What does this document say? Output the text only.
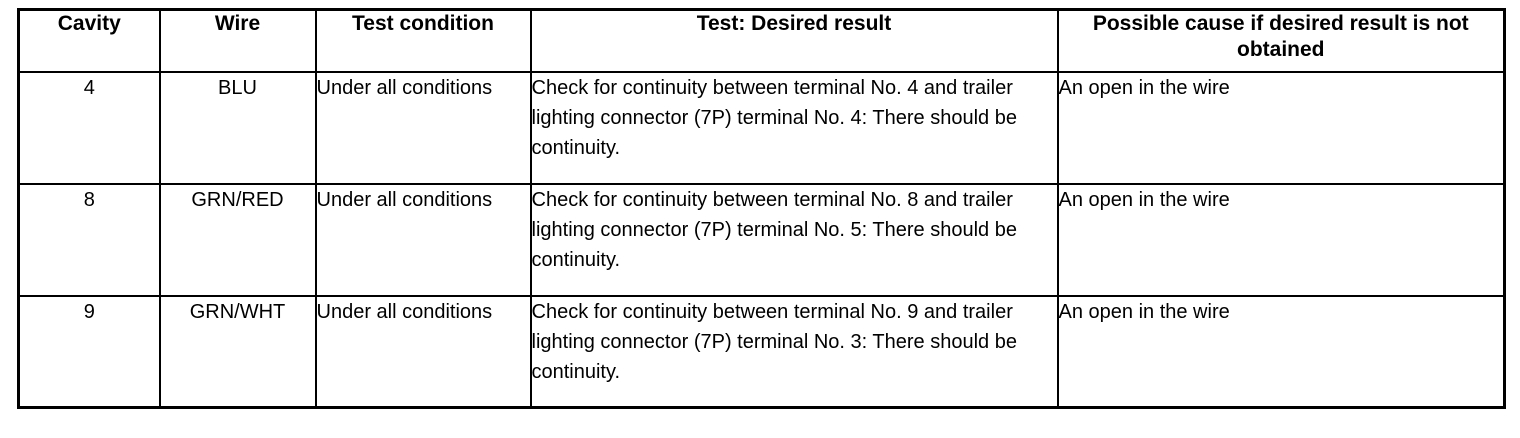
Cavity	Wire	Test condition	Test: Desired result	Possible cause if desired result is not obtained
4	BLU	Under all conditions	Check for continuity between terminal No. 4 and trailer lighting connector (7P) terminal No. 4: There should be continuity.	An open in the wire
8	GRN/RED	Under all conditions	Check for continuity between terminal No. 8 and trailer lighting connector (7P) terminal No. 5: There should be continuity.	An open in the wire
9	GRN/WHT	Under all conditions	Check for continuity between terminal No. 9 and trailer lighting connector (7P) terminal No. 3: There should be continuity.	An open in the wire
